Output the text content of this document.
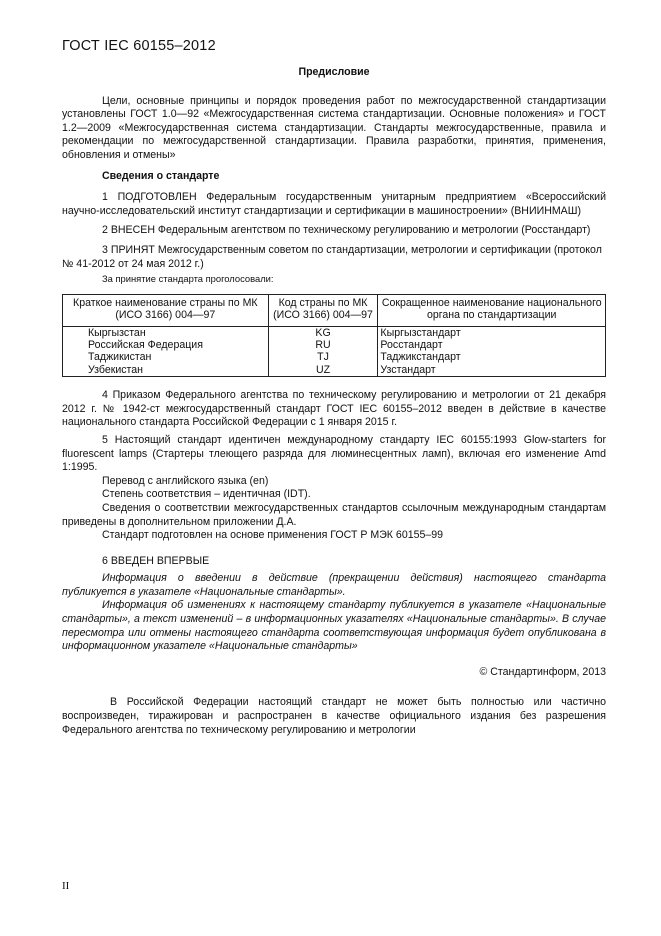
ГОСТ IEC 60155–2012
Предисловие

Цели, основные принципы и порядок проведения работ по межгосударственной стандартизации установлены ГОСТ 1.0—92 «Межгосударственная система стандартизации. Основные положения» и ГОСТ 1.2—2009 «Межгосударственная система стандартизации. Стандарты межгосударственные, правила и рекомендации по межгосударственной стандартизации. Правила разработки, принятия, применения, обновления и отмены»

Сведения о стандарте

1 ПОДГОТОВЛЕН Федеральным государственным унитарным предприятием «Всероссийский научно-исследовательский институт стандартизации и сертификации в машиностроении» (ВНИИНМАШ)

2 ВНЕСЕН Федеральным агентством по техническому регулированию и метрологии (Росстандарт)

3 ПРИНЯТ Межгосударственным советом по стандартизации, метрологии и сертификации (протокол № 41-2012 от 24 мая 2012 г.)

За принятие стандарта проголосовали:
Краткое наименование страны по МК (ИСО 3166) 004—97	Код страны по МК (ИСО 3166) 004—97	Сокращенное наименование национального органа по стандартизации
Кыргызстан	KG	Кыргызстандарт
Российская Федерация	RU	Росстандарт
Таджикистан	TJ	Таджикстандарт
Узбекистан	UZ	Узстандарт

4 Приказом Федерального агентства по техническому регулированию и метрологии от 21 декабря 2012 г. № 1942-ст межгосударственный стандарт ГОСТ IEC 60155–2012 введен в действие в качестве национального стандарта Российской Федерации с 1 января 2015 г.

5 Настоящий стандарт идентичен международному стандарту IEC 60155:1993 Glow-starters for fluorescent lamps (Стартеры тлеющего разряда для люминесцентных ламп), включая его изменение Amd 1:1995.

Перевод с английского языка (en)

Степень соответствия – идентичная (IDT).

Сведения о соответствии межгосударственных стандартов ссылочным международным стандартам приведены в дополнительном приложении Д.А.

Стандарт подготовлен на основе применения ГОСТ Р МЭК 60155–99

6 ВВЕДЕН ВПЕРВЫЕ

Информация о введении в действие (прекращении действия) настоящего стандарта публикуется в указателе «Национальные стандарты».

Информация об изменениях к настоящему стандарту публикуется в указателе «Национальные стандарты», а текст изменений – в информационных указателях «Национальные стандарты». В случае пересмотра или отмены настоящего стандарта соответствующая информация будет опубликована в информационном указателе «Национальные стандарты»

© Стандартинформ, 2013

В Российской Федерации настоящий стандарт не может быть полностью или частично воспроизведен, тиражирован и распространен в качестве официального издания без разрешения Федерального агентства по техническому регулированию и метрологии

II
